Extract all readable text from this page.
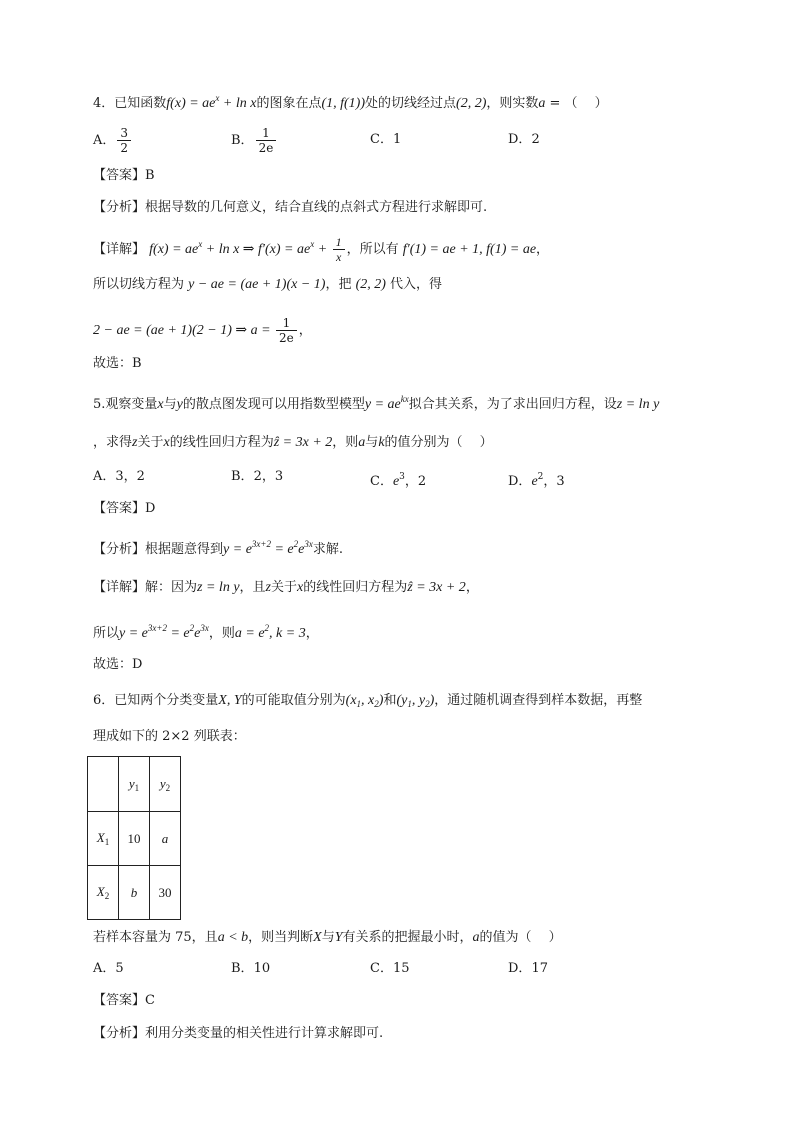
4．已知函数$f(x) = ae^x + \ln x$的图象在点(1, f(1))处的切线经过点(2, 2)，则实数a = （　 ）
A． $\frac{3}{2}$	B． $\frac{1}{2e}$	C．1	D．2
【答案】B
【分析】根据导数的几何意义，结合直线的点斜式方程进行求解即可.
【详解】 $f(x) = ae^x + \ln x$ ⇒ $f'(x) = ae^x + \frac{1}{x}$ ，所以有 f′(1) = ae + 1, f(1) = ae，
所以切线方程为 y − ae = (ae + 1)(x − 1)，把 (2, 2) 代入，得
2 − ae = (ae + 1)(2 − 1) ⇒ $a = \frac{1}{2e}$ ，
故选：B
5.观察变量x与y的散点图发现可以用指数型模型$y = ae^{kx}$拟合其关系，为了求出回归方程，设z = ln y
，求得z关于x的线性回归方程为ẑ = 3x + 2，则a与k的值分别为（　 ）
A．3，2	B．2，3	C．$e^3$，2	D．$e^2$，3
【答案】D
【分析】根据题意得到$y = e^{3x+2} = e^2e^{3x}$求解.
【详解】解：因为z = ln y，且z关于x的线性回归方程为ẑ = 3x + 2，
所以$y = e^{3x+2} = e^2e^{3x}$，则$a = e^2$, k = 3，
故选：D
6．已知两个分类变量X, Y的可能取值分别为($x_1$, $x_2$)和($y_1$, $y_2$)，通过随机调查得到样本数据，再整
理成如下的 2×2 列联表：
	$y_1$	$y_2$
$X_1$	10	a
$X_2$	b	30
若样本容量为 75，且a < b，则当判断X与Y有关系的把握最小时，a的值为（　 ）
A．5	B．10	C．15	D．17
【答案】C
【分析】利用分类变量的相关性进行计算求解即可.
